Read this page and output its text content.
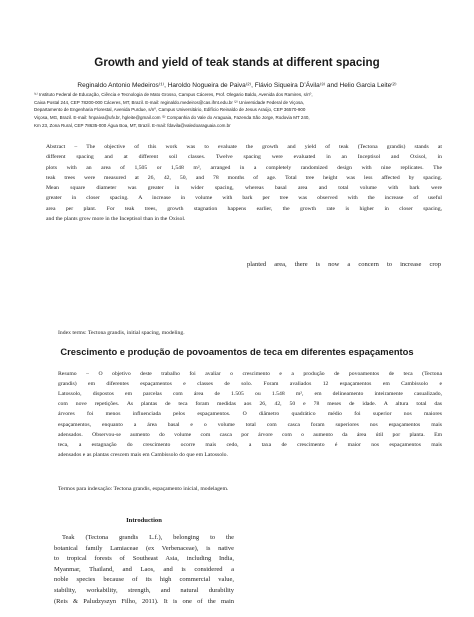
Growth and yield of teak stands at different spacing
Reginaldo Antonio Medeiros⁽¹⁾, Haroldo Nogueira de Paiva⁽²⁾, Flávio Siqueira D’Ávila⁽³⁾ and Helio Garcia Leite⁽²⁾
⁽¹⁾ Instituto Federal de Educação, Ciência e Tecnologia de Mato Grosso, Campus Cáceres, Prof. Olegario Baldo, Avenida dos Ramires, s/nº,
Caixa Postal 244, CEP 78200-000 Cáceres, MT, Brazil. E-mail: reginaldo.medeiros@cas.ifmt.edu.br ⁽²⁾ Universidade Federal de Viçosa,
Departamento de Engenharia Florestal, Avenida Purdue, s/nº, Campus Universitário, Edifício Reinaldo de Jesus Araújo, CEP 36570-900
Viçosa, MG, Brazil. E-mail: hnpaiva@ufv.br, hgleite@gmail.com ⁽³⁾ Companhia do Vale do Araguaia, Fazenda São Jorge, Rodovia MT 240,
Km 23, Zona Rural, CEP 78635-000 Água Boa, MT, Brazil. E-mail: fdavila@valedoaraguaia.com.br
Abstract – The objective of this work was to evaluate the growth and yield of teak (Tectona grandis) stands at
different spacing and at different soil classes. Twelve spacing were evaluated in an Inceptisol and Oxisol, in
plots with an area of 1,505 or 1,548 m², arranged in a completely randomized design with nine replicates. The
teak trees were measured at 26, 42, 50, and 78 months of age. Total tree height was less affected by spacing.
Mean square diameter was greater in wider spacing, whereas basal area and total volume with bark were
greater in closer spacing. A increase in volume with bark per tree was observed with the increase of useful
area per plant. For teak trees, growth stagnation happens earlier, the growth rate is higher in closer spacing,
and the plants grow more in the Inceptisol than in the Oxisol.
Index terms: Tectona grandis, initial spacing, modeling.
Crescimento e produção de povoamentos de teca em diferentes espaçamentos
Resumo – O objetivo deste trabalho foi avaliar o crescimento e a produção de povoamentos de teca (Tectona
grandis) em diferentes espaçamentos e classes de solo. Foram avaliados 12 espaçamentos em Cambissolo e
Latossolo, dispostos em parcelas com área de 1.505 ou 1.548 m², em delineamento inteiramente casualizado,
com nove repetições. As plantas de teca foram medidas aos 26, 42, 50 e 78 meses de idade. A altura total das
árvores foi menos influenciada pelos espaçamentos. O diâmetro quadrático médio foi superior nos maiores
espaçamentos, enquanto a área basal e o volume total com casca foram superiores nos espaçamentos mais
adensados. Observou-se aumento do volume com casca por árvore com o aumento da área útil por planta. Em
teca, a estagnação do crescimento ocorre mais cedo, a taxa de crescimento é maior nos espaçamentos mais
adensados e as plantas crescem mais em Cambissolo do que em Latossolo.
Termos para indexação: Tectona grandis, espaçamento inicial, modelagem.
Introduction
Teak (Tectona grandis L.f.), belonging to the
botanical family Lamiaceae (ex Verbenaceae), is native
to tropical forests of Southeast Asia, including India,
Myanmar, Thailand, and Laos, and is considered a
noble species because of its high commercial value,
stability, workability, strength, and natural durability
(Reis & Paludzyszyn Filho, 2011). It is one of the main
planted area, there is now a concern to increase crop
